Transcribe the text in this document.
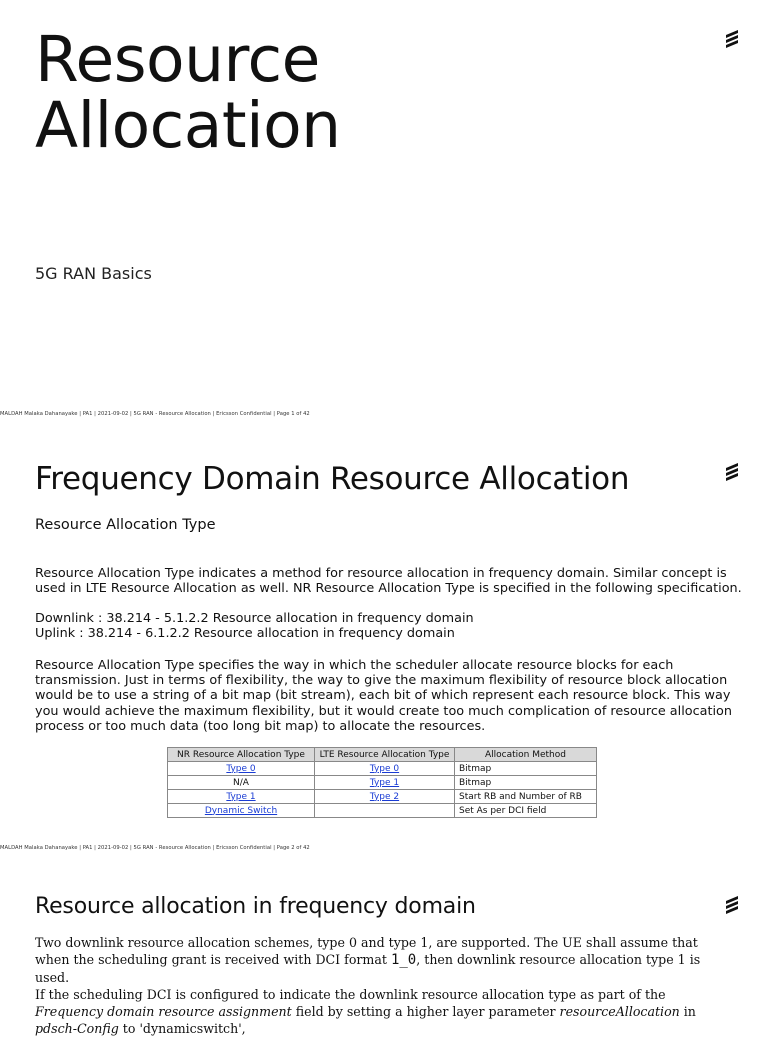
Resource
Allocation
5G RAN Basics
MALDAH Malaka Dahanayake | PA1 | 2021-09-02 | 5G RAN - Resource Allocation | Ericsson Confidential | Page 1 of 42
Frequency Domain Resource Allocation
Resource Allocation Type
Resource Allocation Type indicates a method for resource allocation in frequency domain. Similar concept is used in LTE Resource Allocation as well. NR Resource Allocation Type is specified in the following specification.
Downlink : 38.214 - 5.1.2.2 Resource allocation in frequency domain
Uplink : 38.214 - 6.1.2.2 Resource allocation in frequency domain
Resource Allocation Type specifies the way in which the scheduler allocate resource blocks for each transmission. Just in terms of flexibility, the way to give the maximum flexibility of resource block allocation would be to use a string of a bit map (bit stream), each bit of which represent each resource block. This way you would achieve the maximum flexibility, but it would create too much complication of resource allocation process or too much data (too long bit map) to allocate the resources.
NR Resource Allocation Type	LTE Resource Allocation Type	Allocation Method
Type 0	Type 0	Bitmap
N/A	Type 1	Bitmap
Type 1	Type 2	Start RB and Number of RB
Dynamic Switch		Set As per DCI field
MALDAH Malaka Dahanayake | PA1 | 2021-09-02 | 5G RAN - Resource Allocation | Ericsson Confidential | Page 2 of 42
Resource allocation in frequency domain
Two downlink resource allocation schemes, type 0 and type 1, are supported. The UE shall assume that when the scheduling grant is received with DCI format 1_0, then downlink resource allocation type 1 is used.
If the scheduling DCI is configured to indicate the downlink resource allocation type as part of the Frequency domain resource assignment field by setting a higher layer parameter resourceAllocation in pdsch-Config to 'dynamicswitch',
